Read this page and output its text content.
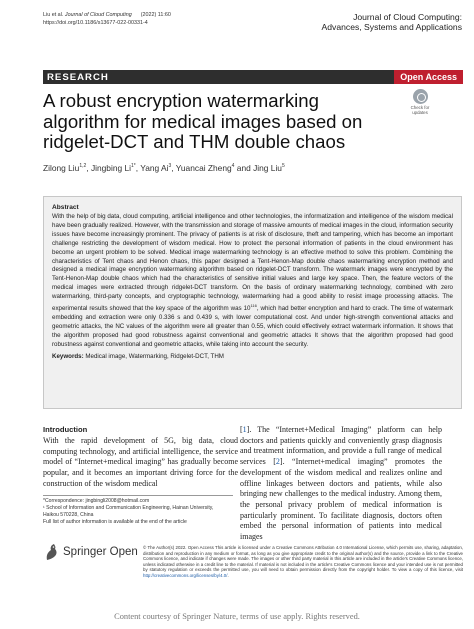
Liu et al. Journal of Cloud Computing (2022) 11:60
https://doi.org/10.1186/s13677-022-00331-4
Journal of Cloud Computing:
Advances, Systems and Applications
RESEARCH	Open Access
A robust encryption watermarking algorithm for medical images based on ridgelet-DCT and THM double chaos
Check for
updates
Zilong Liu$^{1,2}$, Jingbing $Li^{1*}$, Yang Ai$^3$, Yuancai Zheng$^4$ and Jing Liu$^5$
Abstract
With the help of big data, cloud computing, artificial intelligence and other technologies, the informatization and intelligence of the wisdom medical have been gradually realized. However, with the transmission and storage of massive amounts of medical images in the cloud, information security issues have become increasingly prominent. The privacy of patients is at risk of disclosure, theft and tampering, which has become an important challenge restricting the development of wisdom medical. How to protect the personal information of patients in the cloud environment has become an urgent problem to be solved. Medical image watermarking technology is an effective method to solve this problem. Combining the characteristics of Tent chaos and Henon chaos, this paper designed a Tent-Henon-Map double chaos watermarking encryption method and designed a medical image encryption watermarking algorithm based on ridgelet-DCT transform. The watermark images were encrypted by the Tent-Henon-Map double chaos which had the characteristics of sensitive initial values and large key space. Then, the feature vectors of the medical images were extracted through ridgelet-DCT transform. On the basis of ordinary watermarking technology, combined with zero watermarking, third-party concepts, and cryptographic technology, watermarking had a good ability to resist image processing attacks. The experimental results showed that the key space of the algorithm was $10^{116}$, which had better encryption and hard to crack. The time of watermark embedding and extraction were only 0.336 s and 0.439 s, with lower computational cost. And under high-strength conventional attacks and geometric attacks, the NC values of the algorithm were all greater than 0.55, which could effectively extract watermark information. It shows that the algorithm proposed had good robustness against conventional and geometric attacks It shows that the algorithm proposed had good robustness against conventional and geometric attacks, while taking into account the security.
Keywords: Medical image, Watermarking, Ridgelet-DCT, THM
Introduction
With the rapid development of 5G, big data, cloud computing technology, and artificial intelligence, the service model of “Internet+medical imaging” has gradually become popular, and it becomes an important driving force for the construction of the wisdom medical
[1]. The “Internet+Medical Imaging” platform can help doctors and patients quickly and conveniently grasp diagnosis and treatment information, and provide a full range of medical services [2]. “Internet+medical imaging” promotes the development of the wisdom medical and realizes online and offline linkages between doctors and patients, while also bringing new challenges to the medical industry. Among them, the personal privacy problem of medical information is particularly prominent. To facilitate diagnosis, doctors often embed the personal information of patients into medical images
*Correspondence: jingbingli2008@hotmail.com
¹ School of Information and Communication Engineering, Hainan University,
Haikou 570228, China
Full list of author information is available at the end of the article
Springer Open © The Author(s) 2022. Open Access This article is licensed under a Creative Commons Attribution 4.0 International License, which permits use, sharing, adaptation, distribution and reproduction in any medium or format, as long as you give appropriate credit to the original author(s) and the source, provide a link to the Creative Commons licence, and indicate if changes were made. The images or other third party material in this article are included in the article's Creative Commons licence, unless indicated otherwise in a credit line to the material. If material is not included in the article's Creative Commons licence and your intended use is not permitted by statutory regulation or exceeds the permitted use, you will need to obtain permission directly from the copyright holder. To view a copy of this licence, visit http://creativecommons.org/licenses/by/4.0/.
Content courtesy of Springer Nature, terms of use apply. Rights reserved.
